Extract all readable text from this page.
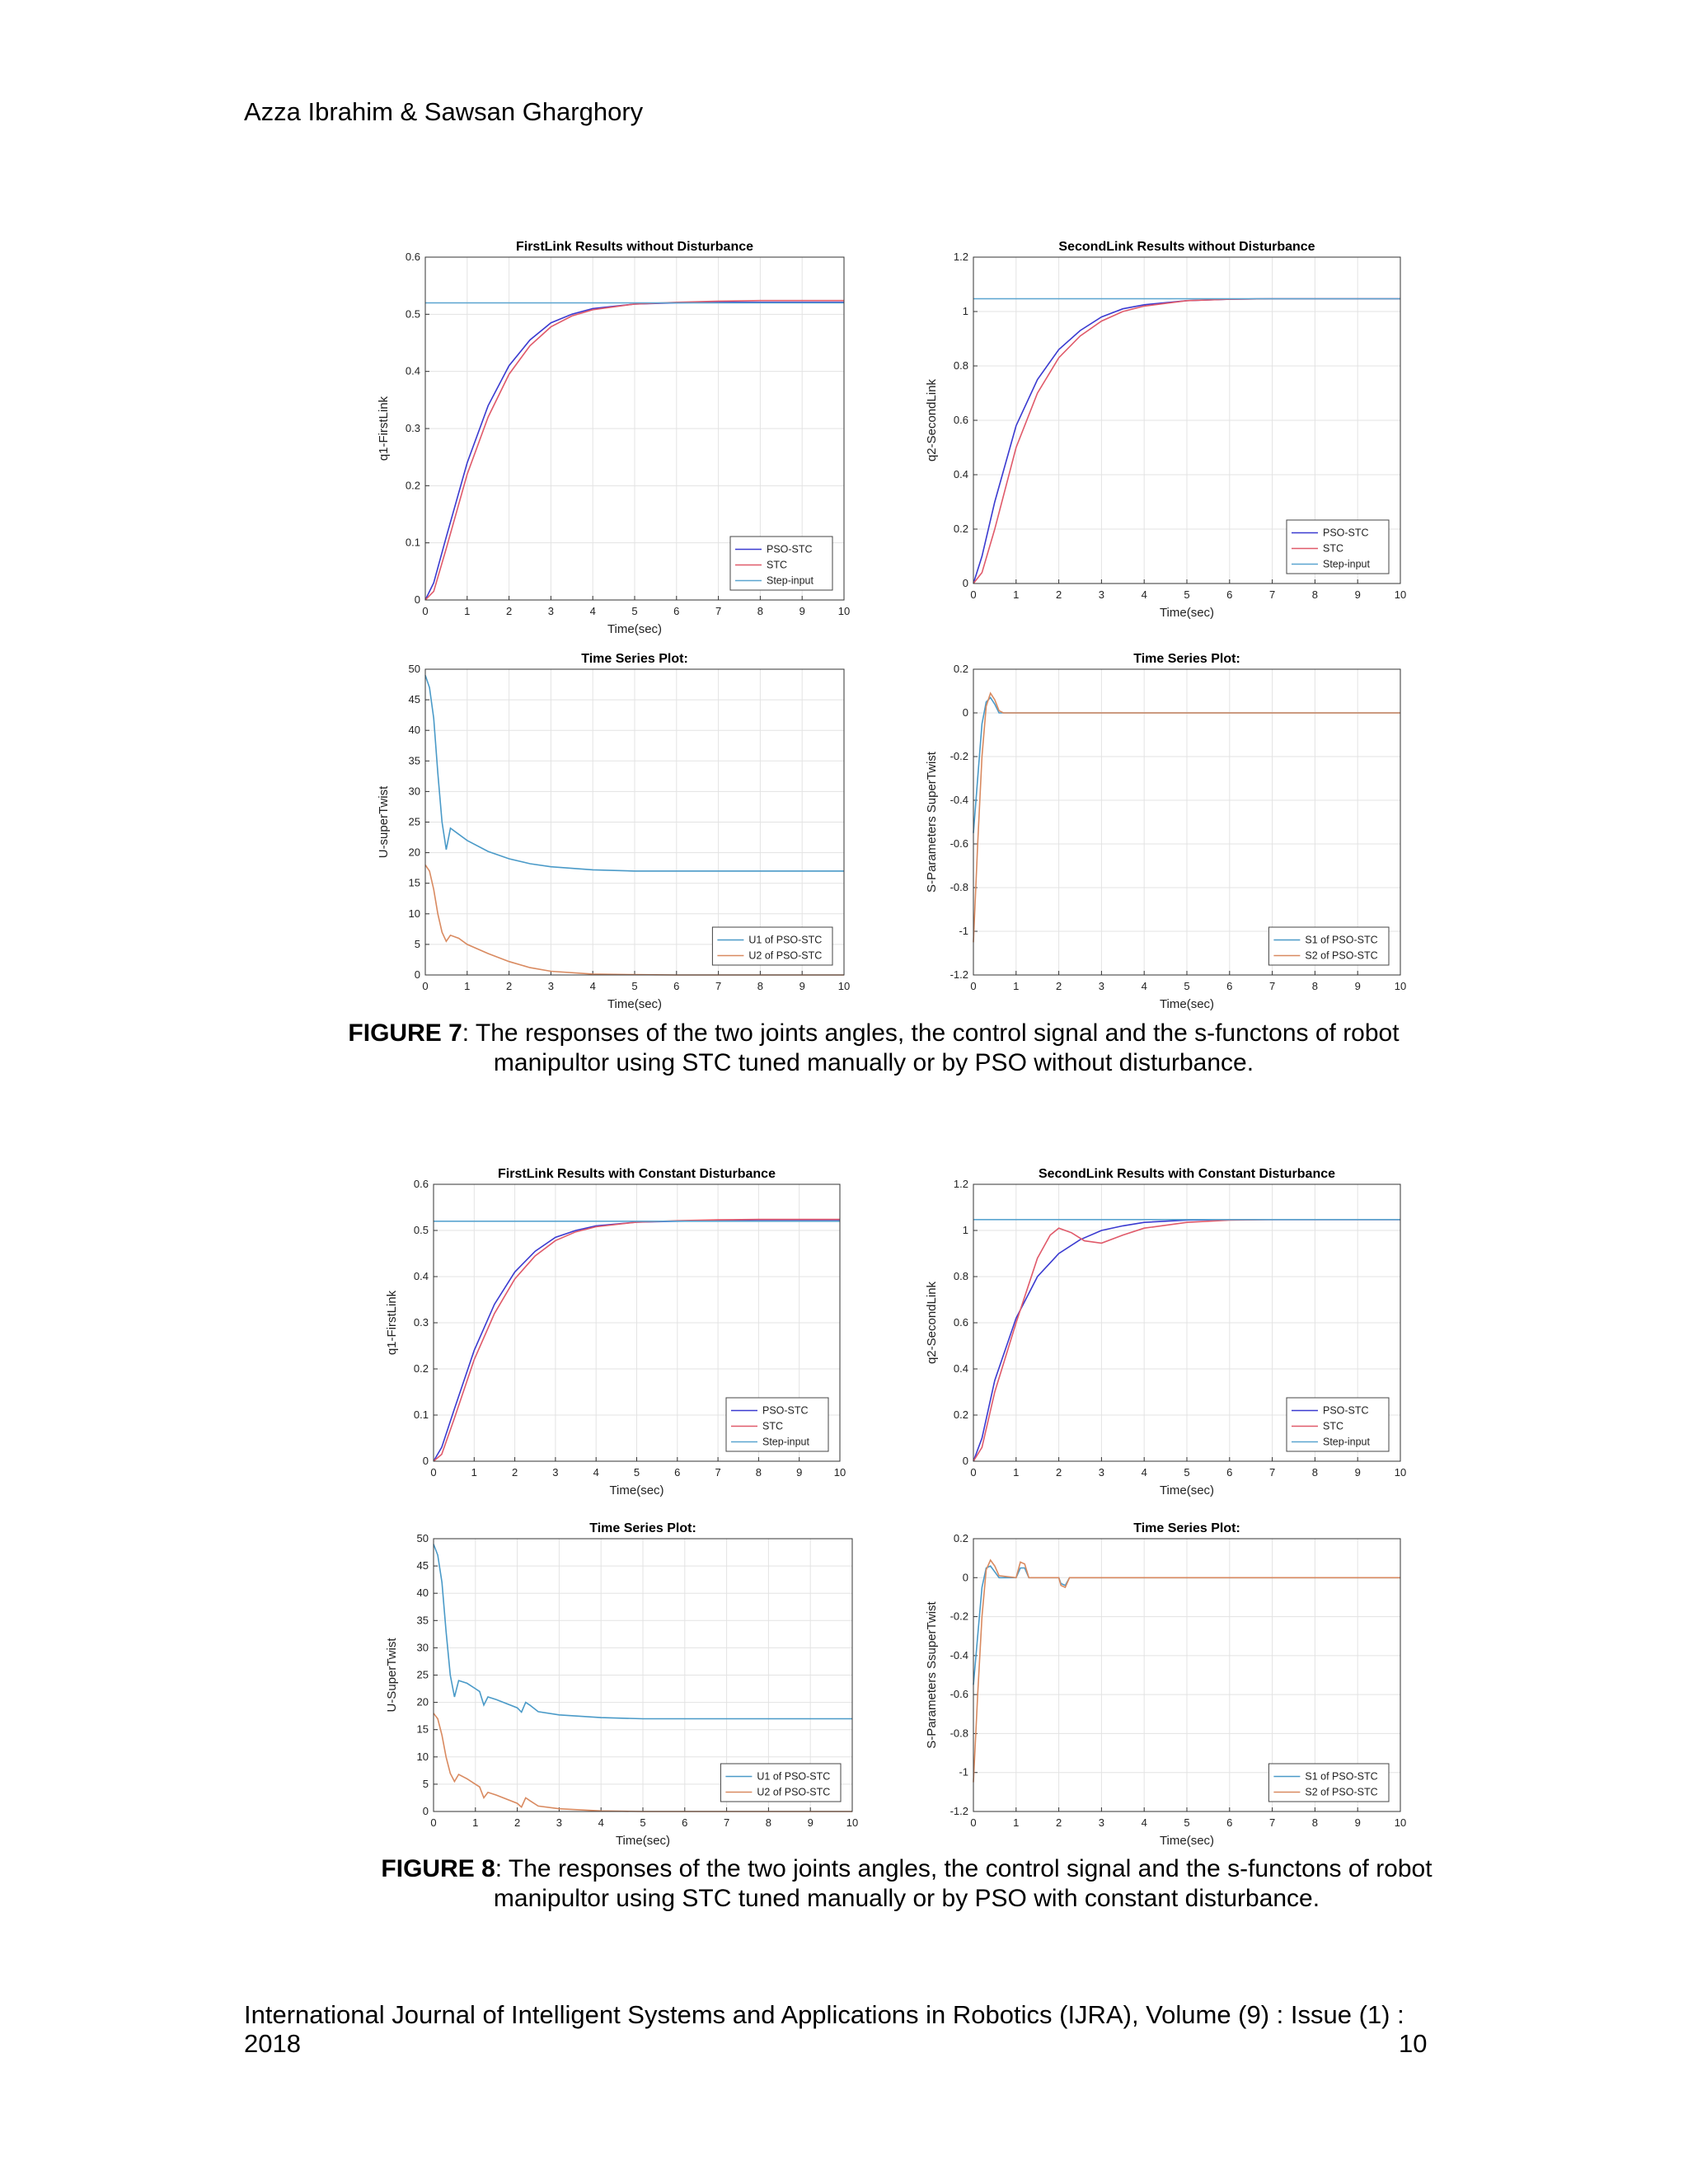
Azza Ibrahim & Sawsan Gharghory
FirstLink Results without Disturbance
0	1	2	3	4	5	6	7	8	9	10
0
0.1
0.2
0.3
0.4
0.5
0.6
Time(sec)
q1-FirstLink
PSO-STC
STC
Step-input
SecondLink Results without Disturbance
0	1	2	3	4	5	6	7	8	9	10
0
0.2
0.4
0.6
0.8
1
1.2
Time(sec)
q2-SecondLink
PSO-STC
STC
Step-input
Time Series Plot:
0	1	2	3	4	5	6	7	8	9	10
0
5
10
15
20
25
30
35
40
45
50
Time(sec)
U-superTwist
U1 of PSO-STC
U2 of PSO-STC
Time Series Plot:
0	1	2	3	4	5	6	7	8	9	10
-1.2
-1
-0.8
-0.6
-0.4
-0.2
0
0.2
Time(sec)
S-Parameters SuperTwist
S1 of PSO-STC
S2 of PSO-STC
FIGURE 7: The responses of the two joints angles, the control signal and the s-functons of robot
manipultor using STC tuned manually or by PSO without disturbance.
FirstLink Results with Constant Disturbance
0	1	2	3	4	5	6	7	8	9	10
0
0.1
0.2
0.3
0.4
0.5
0.6
Time(sec)
q1-FirstLink
PSO-STC
STC
Step-input
SecondLink Results with Constant Disturbance
0	1	2	3	4	5	6	7	8	9	10
0
0.2
0.4
0.6
0.8
1
1.2
Time(sec)
q2-SecondLink
PSO-STC
STC
Step-input
Time Series Plot:
0	1	2	3	4	5	6	7	8	9	10
0
5
10
15
20
25
30
35
40
45
50
Time(sec)
U-SuperTwist
U1 of PSO-STC
U2 of PSO-STC
Time Series Plot:
0	1	2	3	4	5	6	7	8	9	10
-1.2
-1
-0.8
-0.6
-0.4
-0.2
0
0.2
Time(sec)
S-Parameters SsuperTwist
S1 of PSO-STC
S2 of PSO-STC
FIGURE 8: The responses of the two joints angles, the control signal and the s-functons of robot
manipultor using STC tuned manually or by PSO with constant disturbance.
International Journal of Intelligent Systems and Applications in Robotics (IJRA), Volume (9) : Issue (1) :
2018	10
